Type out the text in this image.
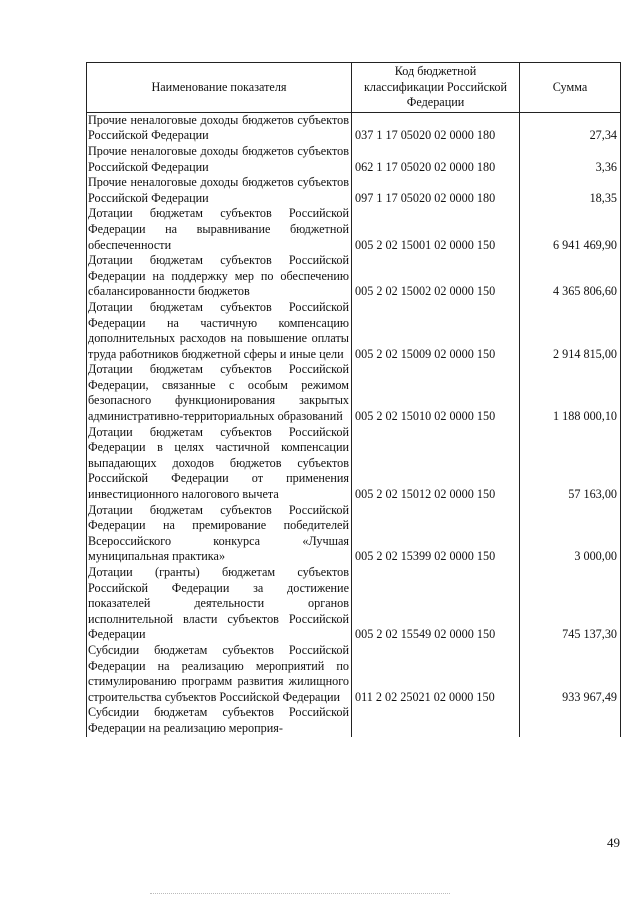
Наименование показателя	Код бюджетной классификации Российской Федерации	Сумма
Прочие неналоговые доходы бюджетов субъектов Российской Федерации	037 1 17 05020 02 0000 180	27,34
Прочие неналоговые доходы бюджетов субъектов Российской Федерации	062 1 17 05020 02 0000 180	3,36
Прочие неналоговые доходы бюджетов субъектов Российской Федерации	097 1 17 05020 02 0000 180	18,35
Дотации бюджетам субъектов Российской Федерации на выравнивание бюджетной обеспеченности	005 2 02 15001 02 0000 150	6 941 469,90
Дотации бюджетам субъектов Российской Федерации на поддержку мер по обеспечению сбалансированности бюджетов	005 2 02 15002 02 0000 150	4 365 806,60
Дотации бюджетам субъектов Российской Федерации на частичную компенсацию дополнительных расходов на повышение оплаты труда работников бюджетной сферы и иные цели	005 2 02 15009 02 0000 150	2 914 815,00
Дотации бюджетам субъектов Российской Федерации, связанные с особым режимом безопасного функционирования закрытых административно-территориальных образований	005 2 02 15010 02 0000 150	1 188 000,10
Дотации бюджетам субъектов Российской Федерации в целях частичной компенсации выпадающих доходов бюджетов субъектов Российской Федерации от применения инвестиционного налогового вычета	005 2 02 15012 02 0000 150	57 163,00
Дотации бюджетам субъектов Российской Федерации на премирование победителей Всероссийского конкурса «Лучшая муниципальная практика»	005 2 02 15399 02 0000 150	3 000,00
Дотации (гранты) бюджетам субъектов Российской Федерации за достижение показателей деятельности органов исполнительной власти субъектов Российской Федерации	005 2 02 15549 02 0000 150	745 137,30
Субсидии бюджетам субъектов Российской Федерации на реализацию мероприятий по стимулированию программ развития жилищного строительства субъектов Российской Федерации	011 2 02 25021 02 0000 150	933 967,49
Субсидии бюджетам субъектов Российской Федерации на реализацию мероприя-		
49
